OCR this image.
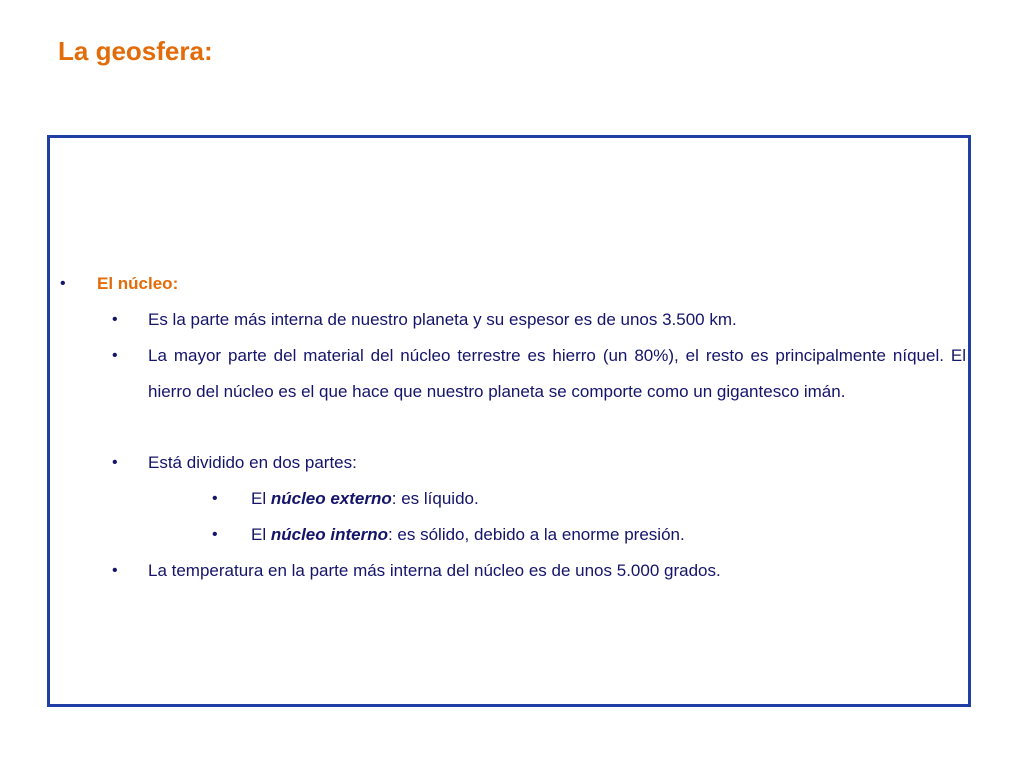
La geosfera:
• El núcleo:
• Es la parte más interna de nuestro planeta y su espesor es de unos 3.500 km.
• La mayor parte del material del núcleo terrestre es hierro (un 80%), el resto es principalmente níquel. El hierro del núcleo es el que hace que nuestro planeta se comporte como un gigantesco imán.
• Está dividido en dos partes:
• El núcleo externo: es líquido.
• El núcleo interno: es sólido, debido a la enorme presión.
• La temperatura en la parte más interna del núcleo es de unos 5.000 grados.
